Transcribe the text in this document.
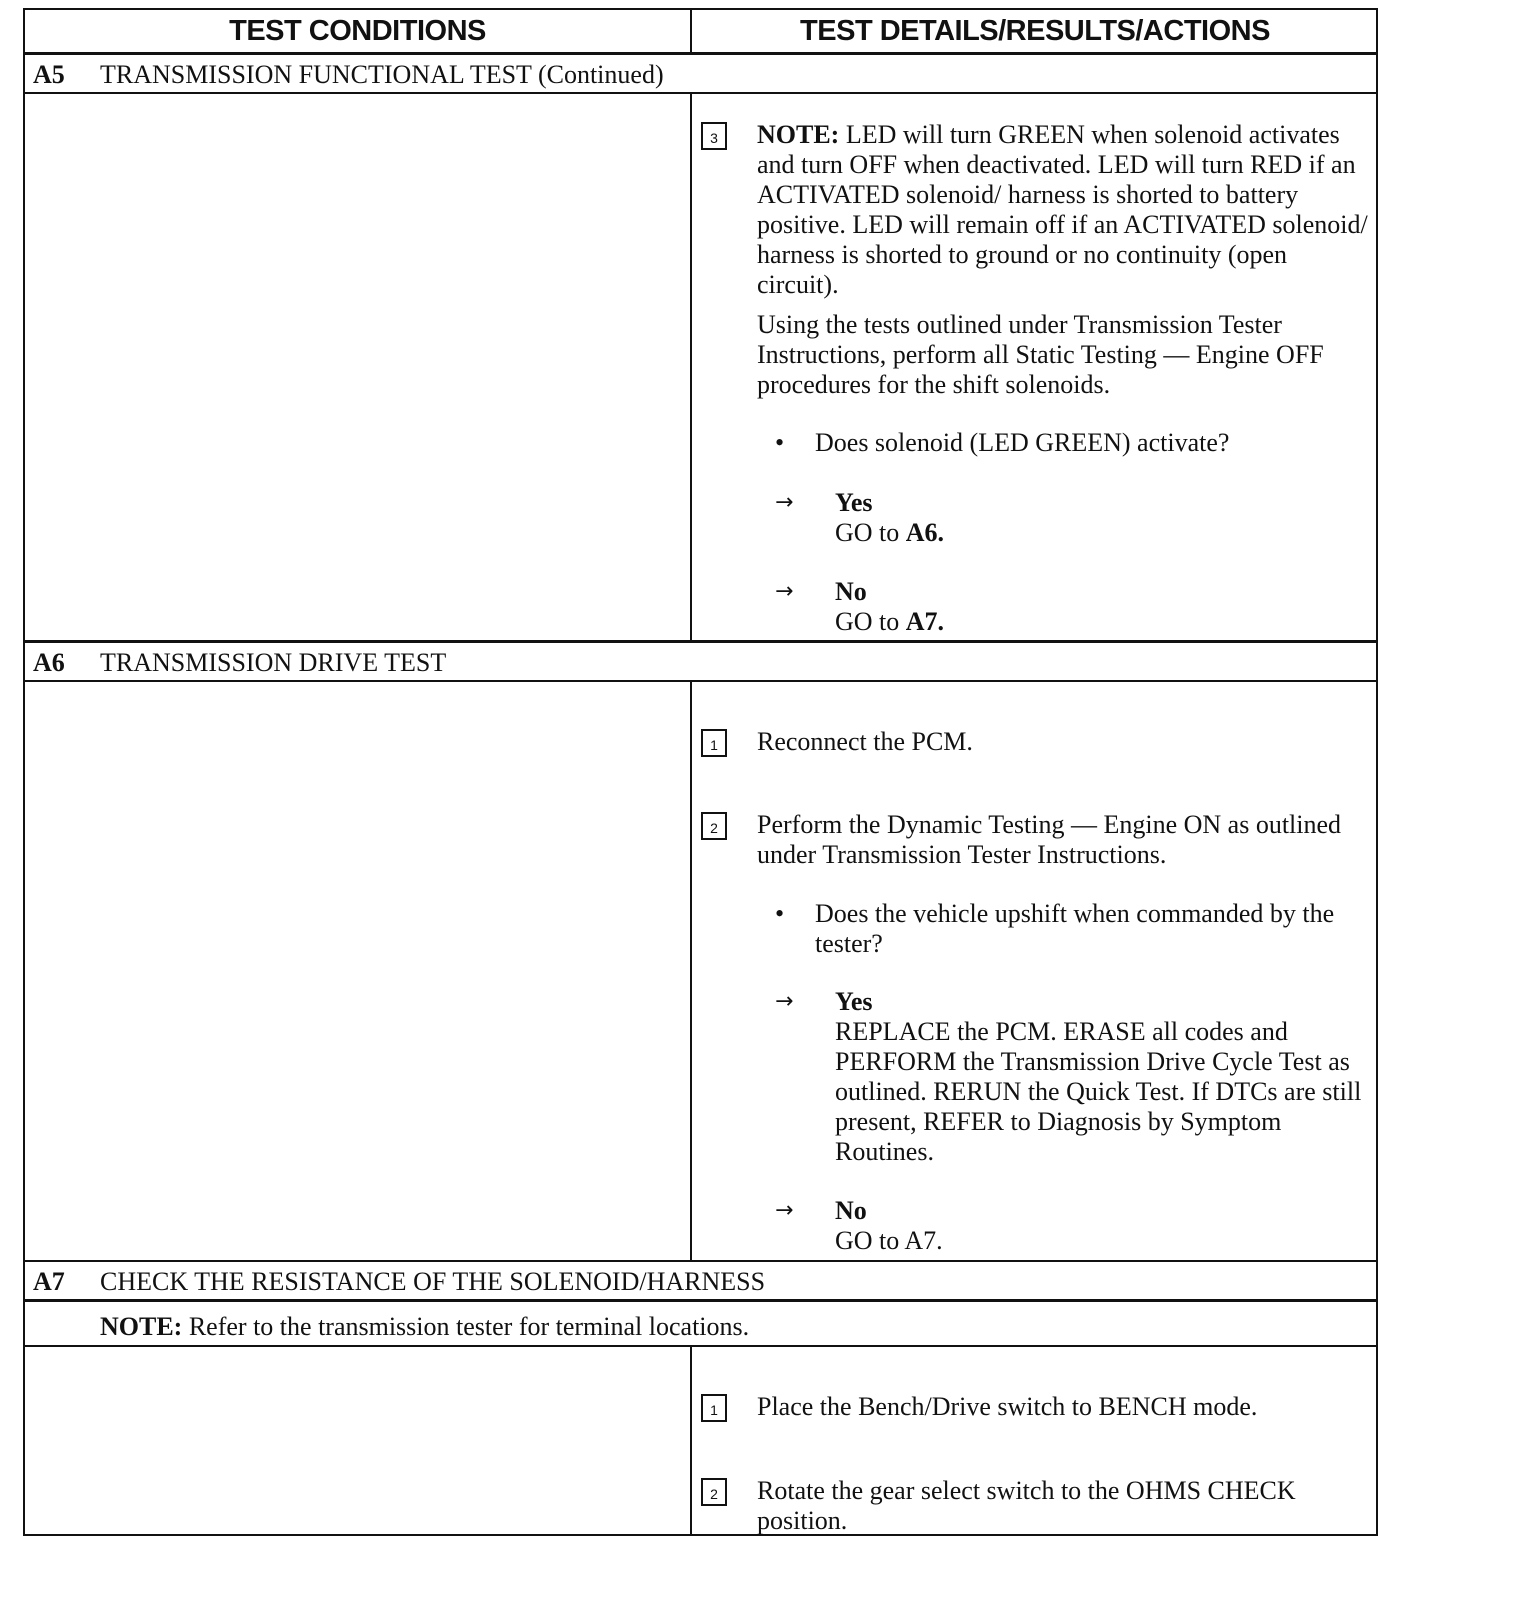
TEST CONDITIONS	TEST DETAILS/RESULTS/ACTIONS
A5 TRANSMISSION FUNCTIONAL TEST (Continued)
3	NOTE: LED will turn GREEN when solenoid activates and turn OFF when deactivated. LED will turn RED if an ACTIVATED solenoid/ harness is shorted to battery positive. LED will remain off if an ACTIVATED solenoid/ harness is shorted to ground or no continuity (open circuit).
Using the tests outlined under Transmission Tester Instructions, perform all Static Testing — Engine OFF procedures for the shift solenoids.
• Does solenoid (LED GREEN) activate?
→ Yes
GO to A6.
→ No
GO to A7.
A6 TRANSMISSION DRIVE TEST
1	Reconnect the PCM.
2	Perform the Dynamic Testing — Engine ON as outlined under Transmission Tester Instructions.
• Does the vehicle upshift when commanded by the tester?
→ Yes
REPLACE the PCM. ERASE all codes and PERFORM the Transmission Drive Cycle Test as outlined. RERUN the Quick Test. If DTCs are still present, REFER to Diagnosis by Symptom Routines.
→ No
GO to A7.
A7 CHECK THE RESISTANCE OF THE SOLENOID/HARNESS
NOTE: Refer to the transmission tester for terminal locations.
1	Place the Bench/Drive switch to BENCH mode.
2	Rotate the gear select switch to the OHMS CHECK position.
